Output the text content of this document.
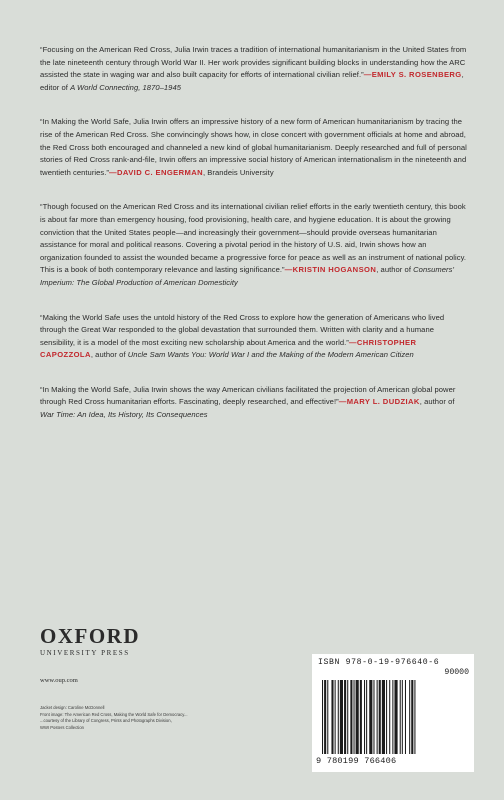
“Focusing on the American Red Cross, Julia Irwin traces a tradition of international humanitarianism in the United States from the late nineteenth century through World War II. Her work provides significant building blocks in understanding how the ARC assisted the state in waging war and also built capacity for efforts of international civilian relief.”—EMILY S. ROSENBERG, editor of A World Connecting, 1870–1945

“In Making the World Safe, Julia Irwin offers an impressive history of a new form of American humanitarianism by tracing the rise of the American Red Cross. She convincingly shows how, in close concert with government officials at home and abroad, the Red Cross both encouraged and channeled a new kind of global humanitarianism. Deeply researched and full of personal stories of Red Cross rank-and-file, Irwin offers an impressive social history of American internationalism in the nineteenth and twentieth centuries.”—DAVID C. ENGERMAN, Brandeis University

“Though focused on the American Red Cross and its international civilian relief efforts in the early twentieth century, this book is about far more than emergency housing, food provisioning, health care, and hygiene education. It is about the growing conviction that the United States people—and increasingly their government—should provide overseas humanitarian assistance for moral and political reasons. Covering a pivotal period in the history of U.S. aid, Irwin shows how an organization founded to assist the wounded became a progressive force for peace as well as an instrument of national policy. This is a book of both contemporary relevance and lasting significance.”—KRISTIN HOGANSON, author of Consumers’ Imperium: The Global Production of American Domesticity

“Making the World Safe uses the untold history of the Red Cross to explore how the generation of Americans who lived through the Great War responded to the global devastation that surrounded them. Written with clarity and a humane sensibility, it is a model of the most exciting new scholarship about America and the world.”—CHRISTOPHER CAPOZZOLA, author of Uncle Sam Wants You: World War I and the Making of the Modern American Citizen

“In Making the World Safe, Julia Irwin shows the way American civilians facilitated the projection of American global power through Red Cross humanitarian efforts. Fascinating, deeply researched, and effective!”—MARY L. DUDZIAK, author of War Time: An Idea, Its History, Its Consequences

OXFORD
UNIVERSITY PRESS
www.oup.com
Jacket design: Caroline McDonnell
Front image: The American Red Cross, Making the World Safe for Democracy...
...courtesy of the Library of Congress, Prints and Photographs Division,
WWI Posters Collection
ISBN 978-0-19-976640-6
90000
9 780199 766406
